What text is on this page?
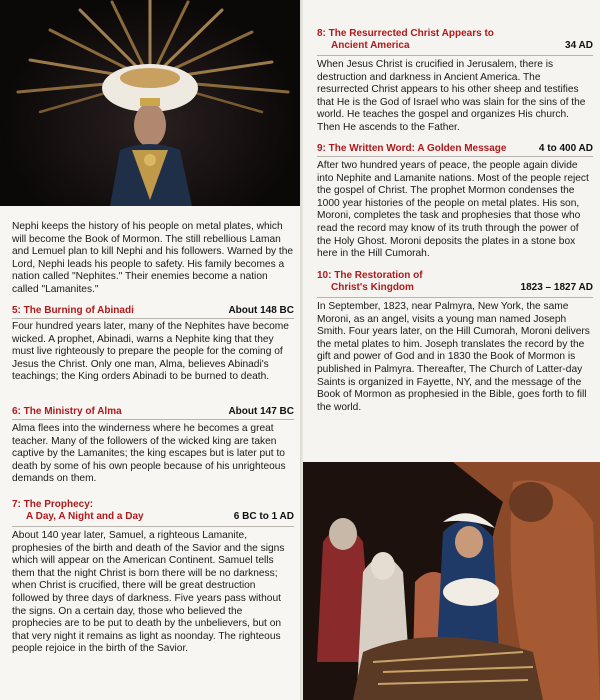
Nephi keeps the history of his people on metal plates, which will become the Book of Mormon. The still rebellious Laman and Lemuel plan to kill Nephi and his followers. Warned by the Lord, Nephi leads his people to safety. His family becomes a nation called "Nephites." Their enemies become a nation called "Lamanites."

5: The Burning of Abinadi	About 148 BC

Four hundred years later, many of the Nephites have become wicked. A prophet, Abinadi, warns a Nephite king that they must live righteously to prepare the people for the coming of Jesus the Christ. Only one man, Alma, believes Abinadi's teachings; the King orders Abinadi to be burned to death.

6: The Ministry of Alma	About 147 BC

Alma flees into the winderness where he becomes a great teacher. Many of the followers of the wicked king are taken captive by the Lamanites; the king escapes but is later put to death by some of his own people because of his unrighteous demands on them.

7: The Prophecy:
A Day, A Night and a Day	6 BC to 1 AD

About 140 year later, Samuel, a righteous Lamanite, prophesies of the birth and death of the Savior and the signs which will appear on the American Continent. Samuel tells them that the night Christ is born there will be no darkness; when Christ is crucified, there will be great destruction followed by three days of darkness. Five years pass without the signs. On a certain day, those who believed the prophecies are to be put to death by the unbelievers, but on that very night it remains as light as noonday. The righteous people rejoice in the birth of the Savior.

8: The Resurrected Christ Appears to
Ancient America	34 AD

When Jesus Christ is crucified in Jerusalem, there is destruction and darkness in Ancient America. The resurrected Christ appears to his other sheep and testifies that He is the God of Israel who was slain for the sins of the world. He teaches the gospel and organizes His church. Then He ascends to the Father.

9: The Written Word: A Golden Message	4 to 400 AD

After two hundred years of peace, the people again divide into Nephite and Lamanite nations. Most of the people reject the gospel of Christ. The prophet Mormon condenses the 1000 year histories of the people on metal plates. His son, Moroni, completes the task and prophesies that those who read the record may know of its truth through the power of the Holy Ghost. Moroni deposits the plates in a stone box here in the Hill Cumorah.

10: The Restoration of
Christ's Kingdom	1823 – 1827 AD

In September, 1823, near Palmyra, New York, the same Moroni, as an angel, visits a young man named Joseph Smith. Four years later, on the Hill Cumorah, Moroni delivers the metal plates to him. Joseph translates the record by the gift and power of God and in 1830 the Book of Mormon is published in Palmyra. Thereafter, The Church of Latter-day Saints is organized in Fayette, NY, and the message of the Book of Mormon as prophesied in the Bible, goes forth to fill the world.
